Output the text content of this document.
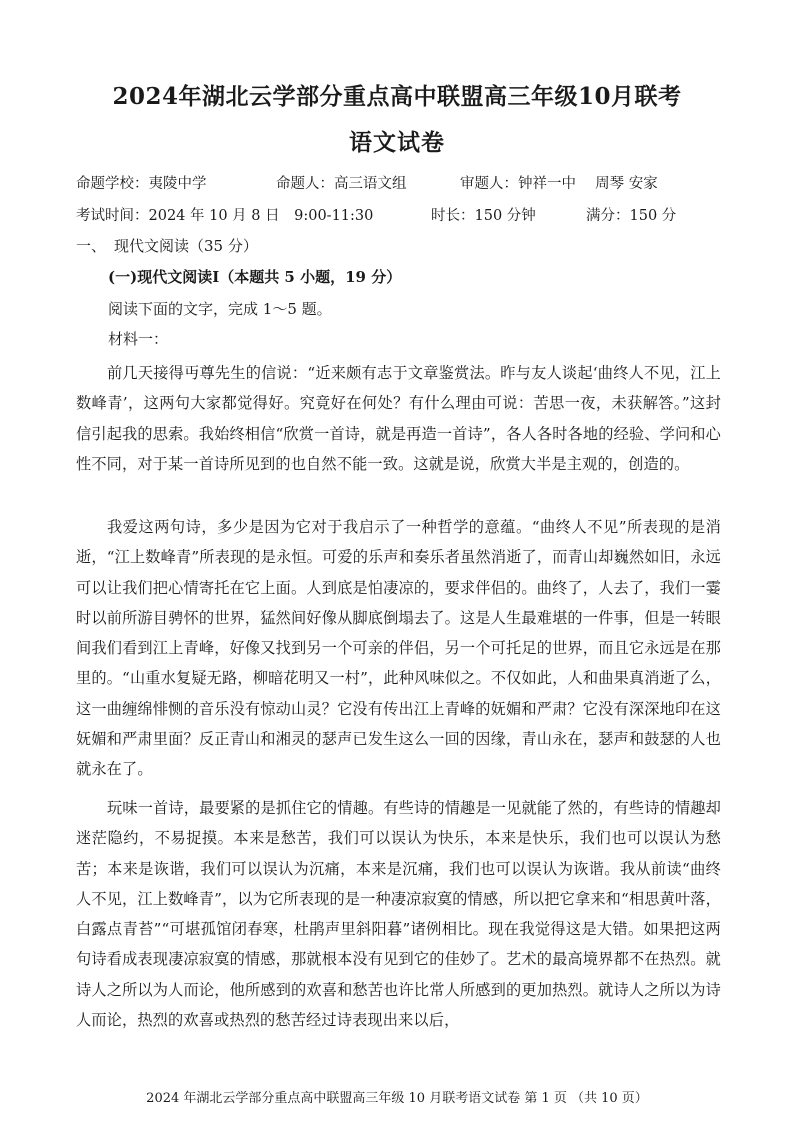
2024年湖北云学部分重点高中联盟高三年级10月联考
语文试卷
命题学校：夷陵中学	命题人：高三语文组	审题人：钟祥一中　 周琴 安家
考试时间：2024 年 10 月 8 日　9:00-11:30	时长：150 分钟	满分：150 分
一、 现代文阅读（35 分）
(一)现代文阅读Ⅰ（本题共 5 小题，19 分）
阅读下面的文字，完成 1～5 题。
材料一：
前几天接得丏尊先生的信说：“近来颇有志于文章鉴赏法。昨与友人谈起‘曲终人不见，江上数峰青’，这两句大家都觉得好。究竟好在何处？有什么理由可说：苦思一夜，未获解答。”这封信引起我的思索。我始终相信“欣赏一首诗，就是再造一首诗”，各人各时各地的经验、学问和心性不同，对于某一首诗所见到的也自然不能一致。这就是说，欣赏大半是主观的，创造的。
我爱这两句诗，多少是因为它对于我启示了一种哲学的意蕴。“曲终人不见”所表现的是消逝，“江上数峰青”所表现的是永恒。可爱的乐声和奏乐者虽然消逝了，而青山却巍然如旧，永远可以让我们把心情寄托在它上面。人到底是怕凄凉的，要求伴侣的。曲终了，人去了，我们一霎时以前所游目骋怀的世界，猛然间好像从脚底倒塌去了。这是人生最难堪的一件事，但是一转眼间我们看到江上青峰，好像又找到另一个可亲的伴侣，另一个可托足的世界，而且它永远是在那里的。“山重水复疑无路，柳暗花明又一村”，此种风味似之。不仅如此，人和曲果真消逝了么，这一曲缠绵悱恻的音乐没有惊动山灵？它没有传出江上青峰的妩媚和严肃？它没有深深地印在这妩媚和严肃里面？反正青山和湘灵的瑟声已发生这么一回的因缘，青山永在，瑟声和鼓瑟的人也就永在了。
玩味一首诗，最要紧的是抓住它的情趣。有些诗的情趣是一见就能了然的，有些诗的情趣却迷茫隐约，不易捉摸。本来是愁苦，我们可以误认为快乐，本来是快乐，我们也可以误认为愁苦；本来是诙谐，我们可以误认为沉痛，本来是沉痛，我们也可以误认为诙谐。我从前读“曲终人不见，江上数峰青”，以为它所表现的是一种凄凉寂寞的情感，所以把它拿来和“相思黄叶落，白露点青苔”“可堪孤馆闭春寒，杜鹃声里斜阳暮”诸例相比。现在我觉得这是大错。如果把这两句诗看成表现凄凉寂寞的情感，那就根本没有见到它的佳妙了。艺术的最高境界都不在热烈。就诗人之所以为人而论，他所感到的欢喜和愁苦也许比常人所感到的更加热烈。就诗人之所以为诗人而论，热烈的欢喜或热烈的愁苦经过诗表现出来以后，
2024 年湖北云学部分重点高中联盟高三年级 10 月联考语文试卷 第 1 页 （共 10 页）
